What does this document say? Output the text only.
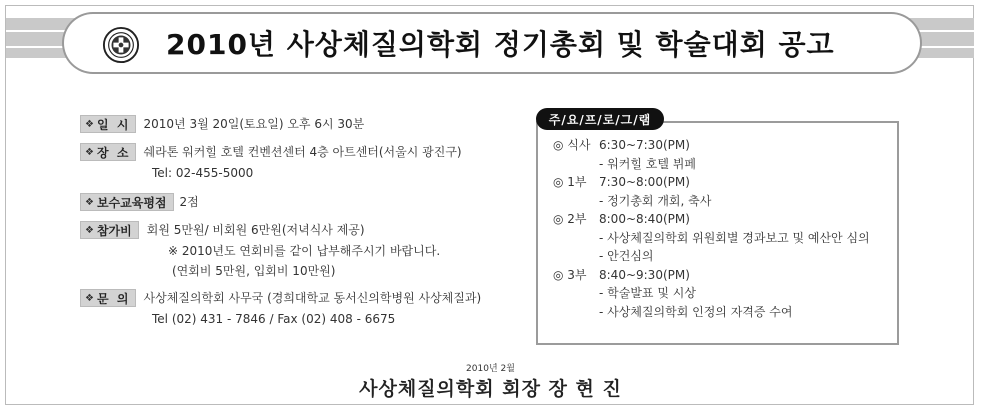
2010년 사상체질의학회 정기총회 및 학술대회 공고
❖ 일  시 2010년 3월 20일(토요일) 오후 6시 30분
❖ 장  소 쉐라톤 워커힐 호텔 컨벤션센터 4층 아트센터(서울시 광진구)
Tel: 02-455-5000
❖ 보수교육평점 2점
❖ 참가비 회원 5만원/ 비회원 6만원(저녁식사 제공)
※ 2010년도 연회비를 같이 납부해주시기 바랍니다.
(연회비 5만원, 입회비 10만원)
❖ 문  의 사상체질의학회 사무국 (경희대학교 동서신의학병원 사상체질과)
Tel (02) 431 - 7846 / Fax (02) 408 - 6675
주/요/프/로/그/램
◎ 식사 6:30~7:30(PM)
- 워커힐 호텔 뷔페
◎ 1부 7:30~8:00(PM)
- 정기총회 개회, 축사
◎ 2부 8:00~8:40(PM)
- 사상체질의학회 위원회별 경과보고 및 예산안 심의
- 안건심의
◎ 3부 8:40~9:30(PM)
- 학술발표 및 시상
- 사상체질의학회 인정의 자격증 수여
2010년 2월
사상체질의학회 회장 장 현 진
